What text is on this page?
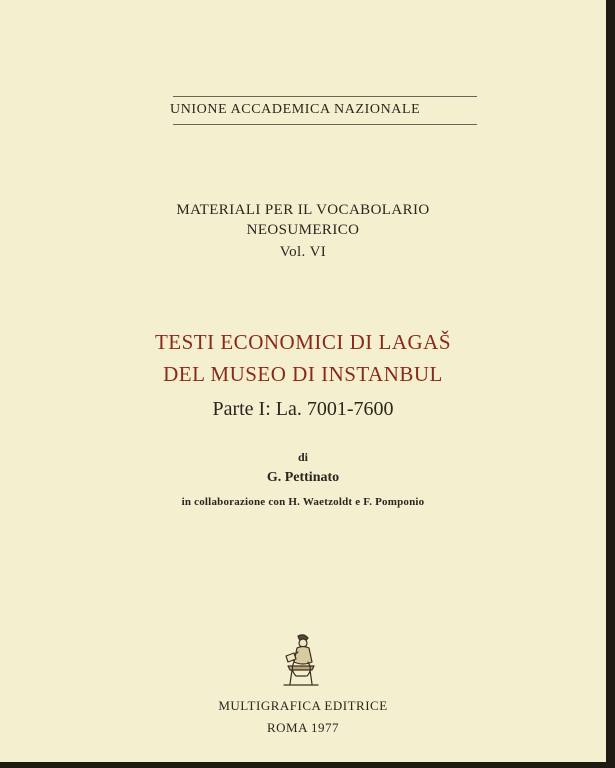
UNIONE ACCADEMICA NAZIONALE
MATERIALI PER IL VOCABOLARIO
NEOSUMERICO
Vol. VI
TESTI ECONOMICI DI LAGAŠ
DEL MUSEO DI INSTANBUL
Parte I: La. 7001-7600
di
G. Pettinato
in collaborazione con H. Waetzoldt e F. Pomponio
MULTIGRAFICA EDITRICE
ROMA 1977
